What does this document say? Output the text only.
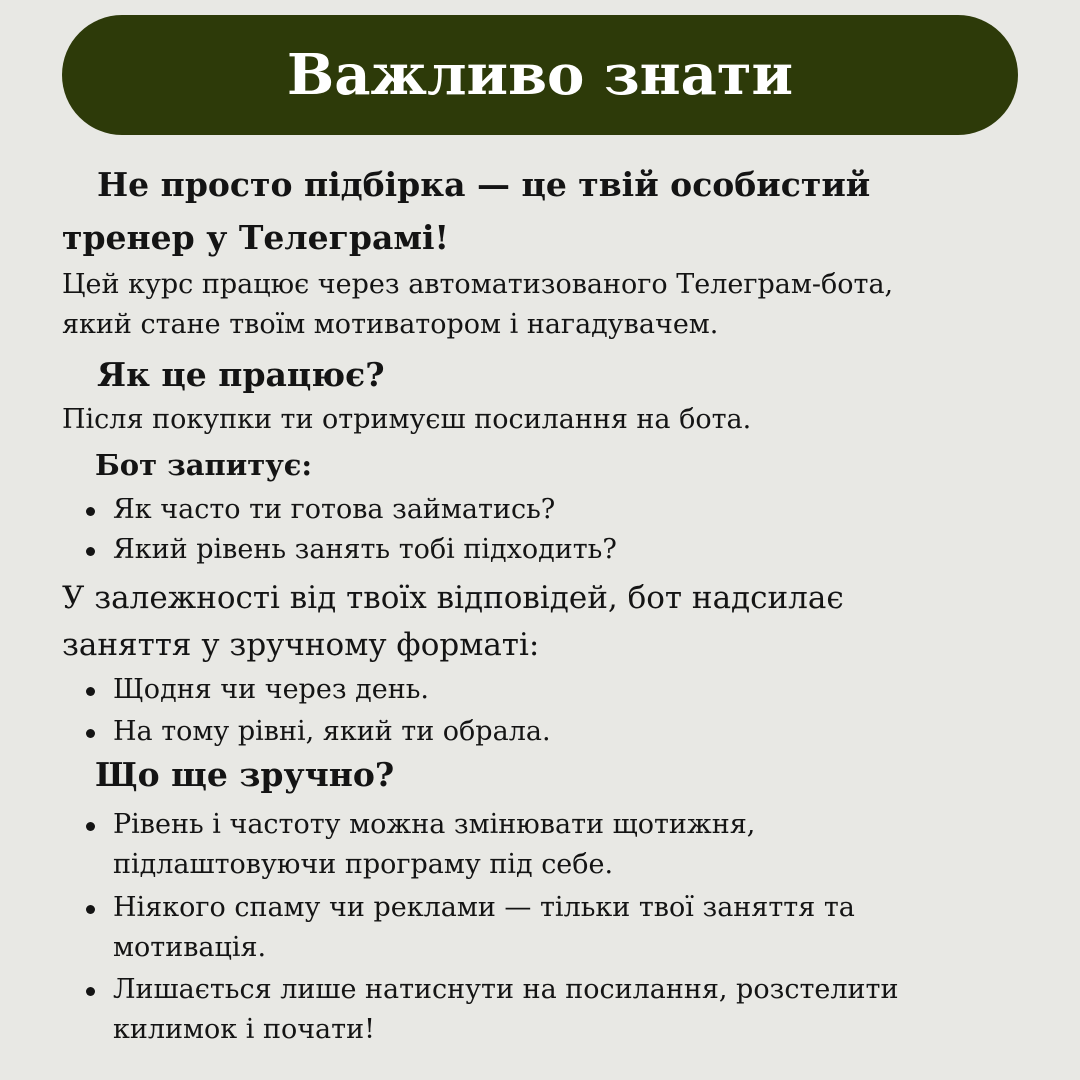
Важливо знати
Не просто підбірка — це твій особистий
тренер у Телеграмі!
Цей курс працює через автоматизованого Телеграм-бота,
який стане твоїм мотиватором і нагадувачем.
Як це працює?
Після покупки ти отримуєш посилання на бота.
Бот запитує:
Як часто ти готова займатись?
Який рівень занять тобі підходить?
У залежності від твоїх відповідей, бот надсилає
заняття у зручному форматі:
Щодня чи через день.
На тому рівні, який ти обрала.
Що ще зручно?
Рівень і частоту можна змінювати щотижня,
підлаштовуючи програму під себе.
Ніякого спаму чи реклами — тільки твої заняття та
мотивація.
Лишається лише натиснути на посилання, розстелити
килимок і почати!
